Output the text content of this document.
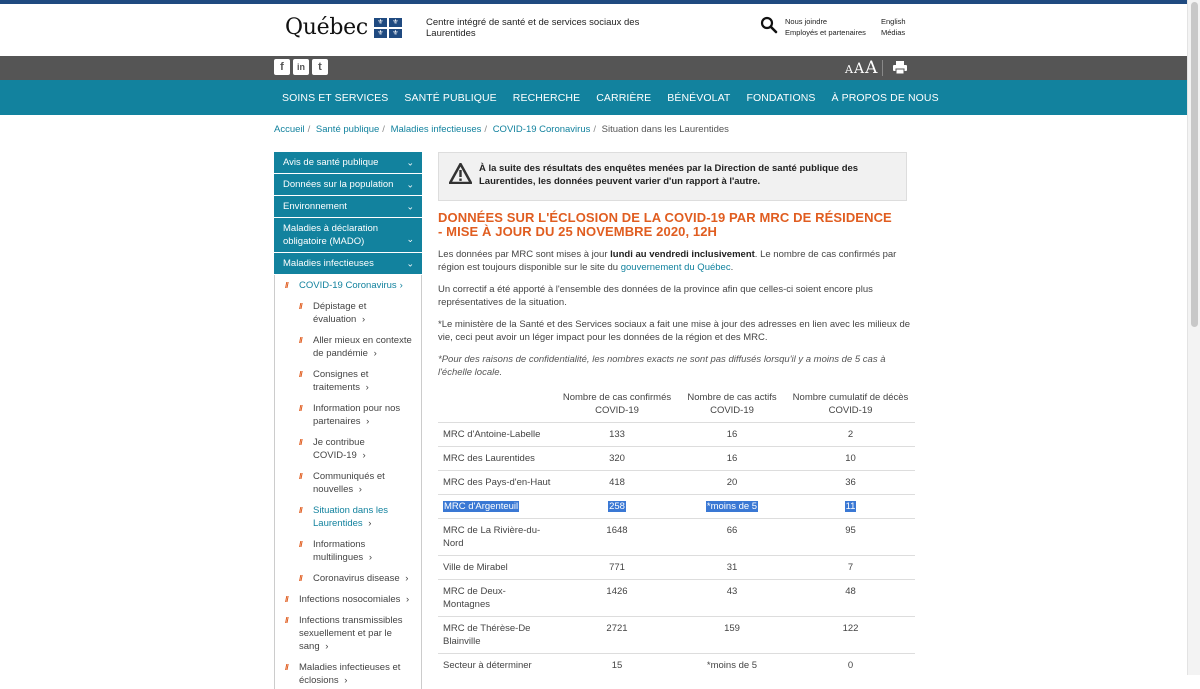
Québec	⚜	⚜
⚜	⚜
Centre intégré de santé et de services sociaux des Laurentides
Nous joindre
Employés et partenaires
English
Médias
f	in	t	A A A
SOINS ET SERVICES	SANTÉ PUBLIQUE	RECHERCHE	CARRIÈRE	BÉNÉVOLAT	FONDATIONS	À PROPOS DE NOUS
Accueil / Santé publique / Maladies infectieuses / COVID-19 Coronavirus / Situation dans les Laurentides
Avis de santé publique	⌄
Données sur la population ⌄
Environnement	⌄
Maladies à déclaration obligatoire (MADO)	⌄
Maladies infectieuses	⌄
// COVID-19 Coronavirus ›
// Dépistage et évaluation ›
// Aller mieux en contexte de pandémie ›
// Consignes et traitements ›
// Information pour nos partenaires ›
// Je contribue COVID-19 ›
// Communiqués et nouvelles ›
// Situation dans les Laurentides ›
// Informations multilingues ›
// Coronavirus disease ›
// Infections nosocomiales ›
// Infections transmissibles sexuellement et par le sang ›
// Maladies infectieuses et éclosions ›
À la suite des résultats des enquêtes menées par la Direction de santé publique des Laurentides, les données peuvent varier d'un rapport à l'autre.
DONNÉES SUR L'ÉCLOSION DE LA COVID-19 PAR MRC DE RÉSIDENCE - MISE À JOUR DU 25 NOVEMBRE 2020, 12H

Les données par MRC sont mises à jour lundi au vendredi inclusivement. Le nombre de cas confirmés par région est toujours disponible sur le site du gouvernement du Québec.

Un correctif a été apporté à l'ensemble des données de la province afin que celles-ci soient encore plus représentatives de la situation.

*Le ministère de la Santé et des Services sociaux a fait une mise à jour des adresses en lien avec les milieux de vie, ceci peut avoir un léger impact pour les données de la région et des MRC.

*Pour des raisons de confidentialité, les nombres exacts ne sont pas diffusés lorsqu'il y a moins de 5 cas à l'échelle locale.

	Nombre de cas confirmés COVID-19	Nombre de cas actifs COVID-19	Nombre cumulatif de décès COVID-19
MRC d'Antoine-Labelle	133	16	2
MRC des Laurentides	320	16	10
MRC des Pays-d'en-Haut	418	20	36
MRC d'Argenteuil	258	*moins de 5	11
MRC de La Rivière-du-Nord	1648	66	95
Ville de Mirabel	771	31	7
MRC de Deux-Montagnes	1426	43	48
MRC de Thérèse-De Blainville	2721	159	122
Secteur à déterminer	15	*moins de 5	0
